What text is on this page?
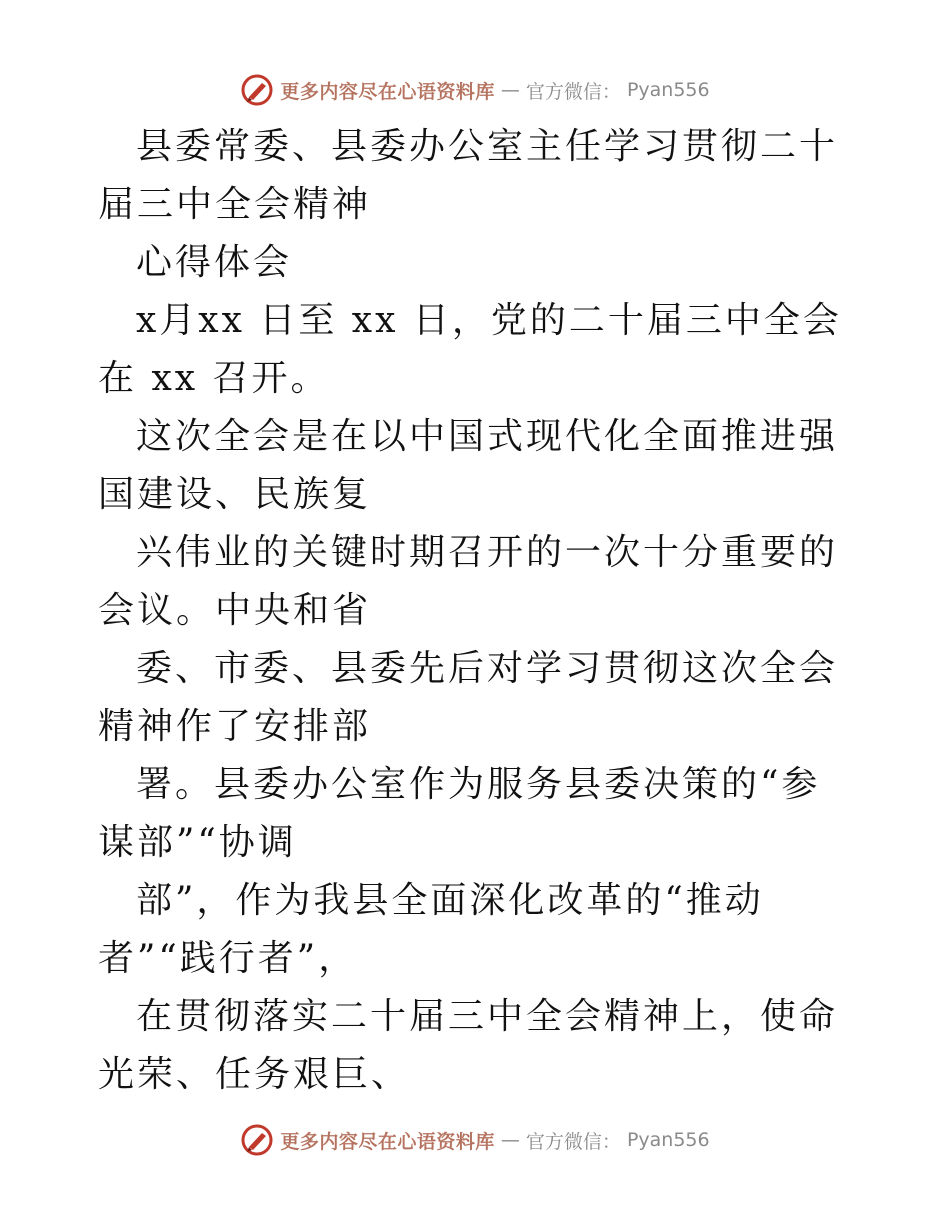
更多内容尽在心语资料库 — 官方微信： Pyan556

县委常委、县委办公室主任学习贯彻二十届三中全会精神

心得体会

x月xx 日至 xx 日，党的二十届三中全会在 xx 召开。

这次全会是在以中国式现代化全面推进强国建设、民族复

兴伟业的关键时期召开的一次十分重要的会议。中央和省

委、市委、县委先后对学习贯彻这次全会精神作了安排部

署。县委办公室作为服务县委决策的“参谋部”“协调

部”，作为我县全面深化改革的“推动者”“践行者”，

在贯彻落实二十届三中全会精神上，使命光荣、任务艰巨、

更多内容尽在心语资料库 — 官方微信： Pyan556
